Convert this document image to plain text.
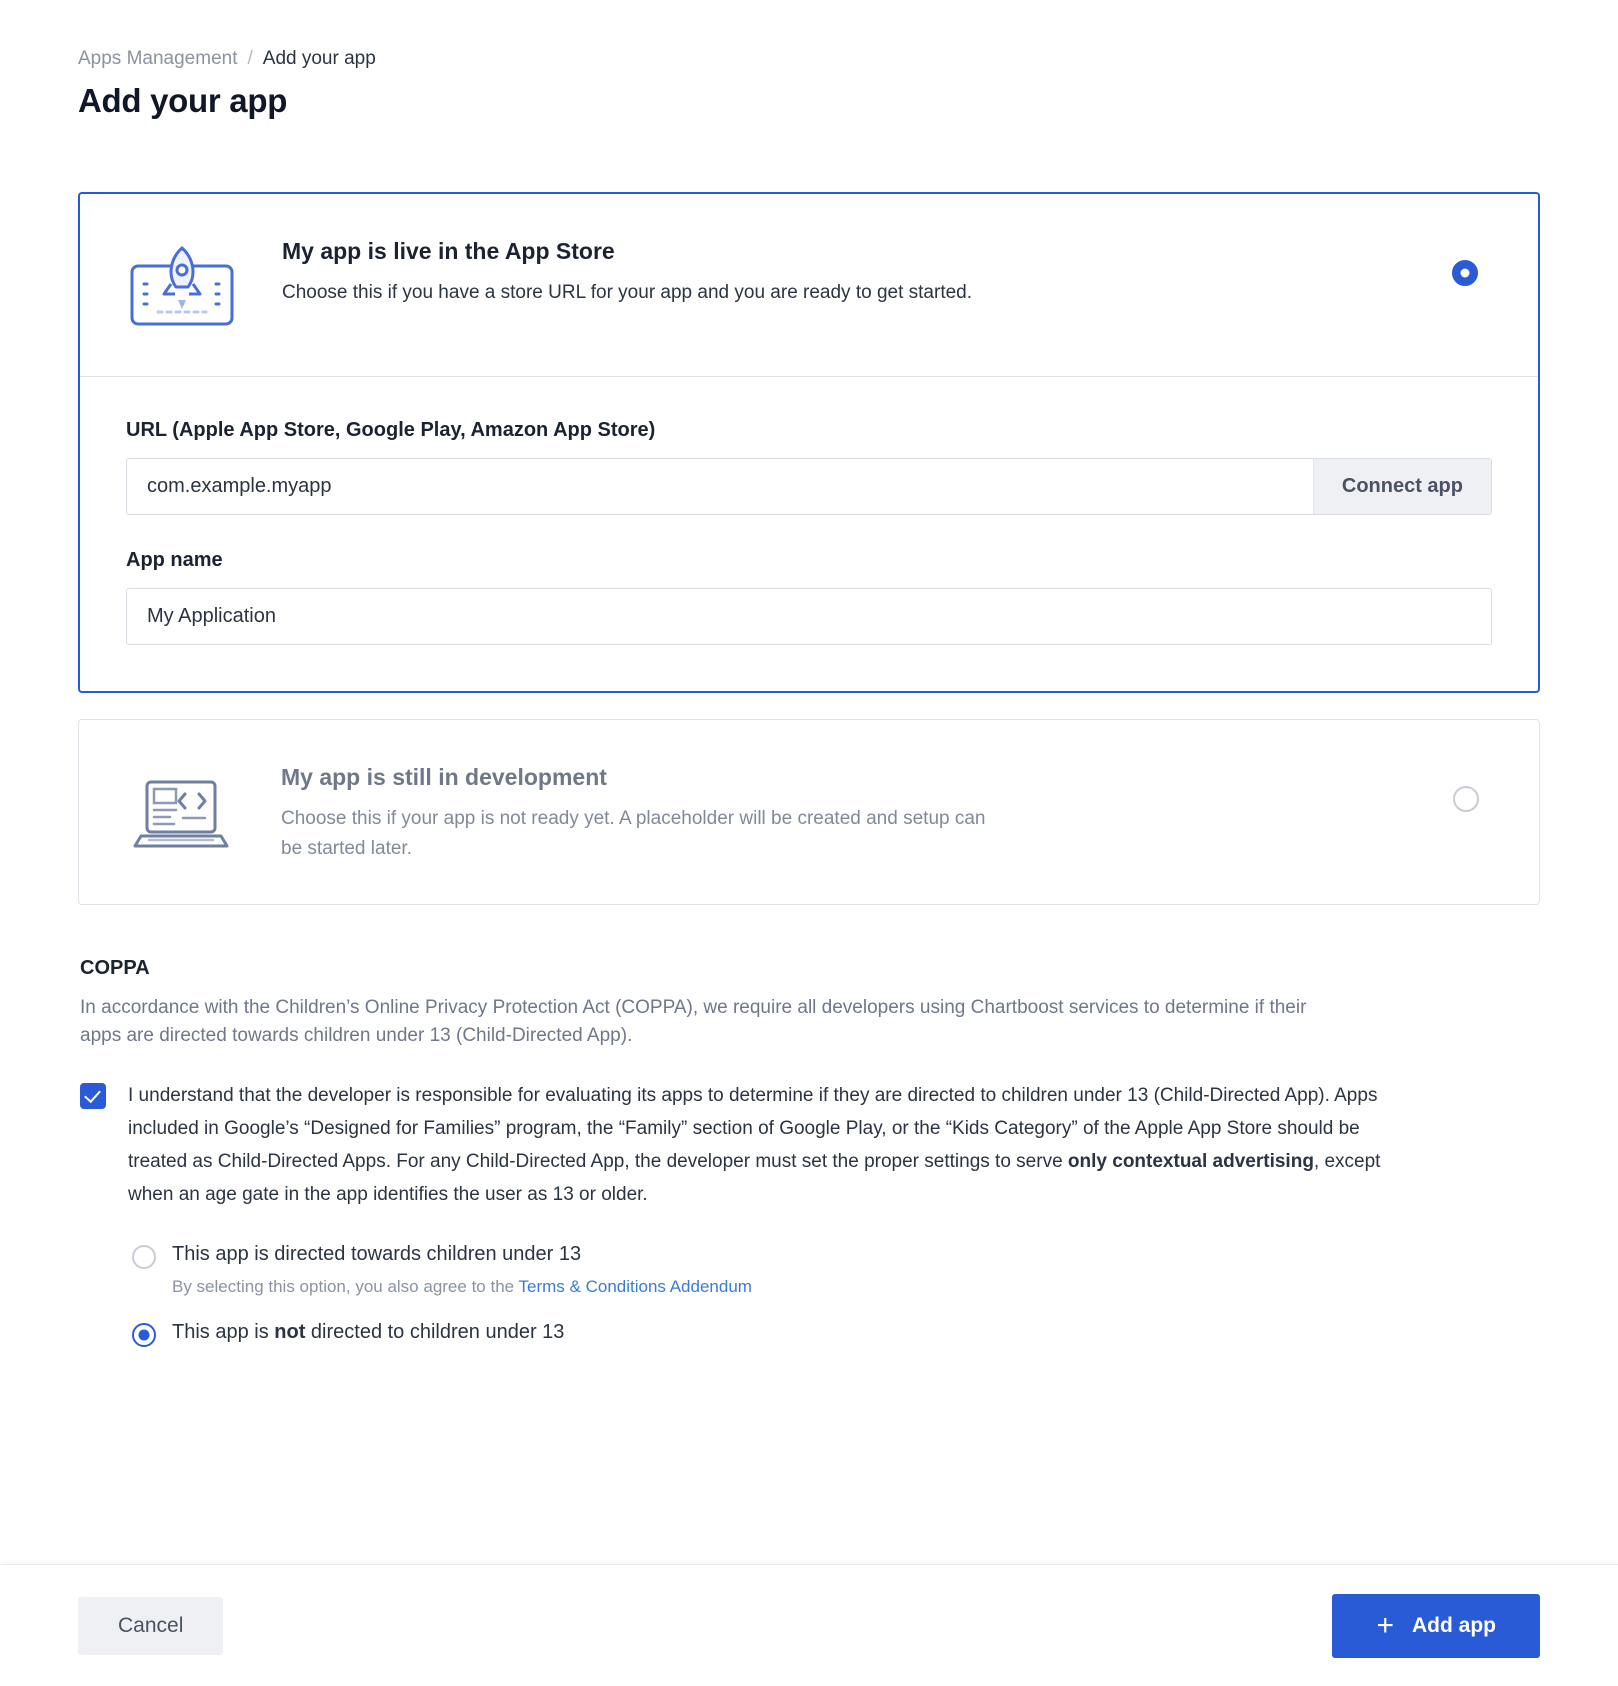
Apps Management / Add your app
Add your app
My app is live in the App Store
Choose this if you have a store URL for your app and you are ready to get started.
URL (Apple App Store, Google Play, Amazon App Store)
com.example.myapp
Connect app
App name
My Application
My app is still in development
Choose this if your app is not ready yet. A placeholder will be created and setup can be started later.
COPPA
In accordance with the Children’s Online Privacy Protection Act (COPPA), we require all developers using Chartboost services to determine if their apps are directed towards children under 13 (Child-Directed App).
I understand that the developer is responsible for evaluating its apps to determine if they are directed to children under 13 (Child-Directed App). Apps included in Google’s “Designed for Families” program, the “Family” section of Google Play, or the “Kids Category” of the Apple App Store should be treated as Child-Directed Apps. For any Child-Directed App, the developer must set the proper settings to serve only contextual advertising, except when an age gate in the app identifies the user as 13 or older.
This app is directed towards children under 13
By selecting this option, you also agree to the Terms & Conditions Addendum
This app is not directed to children under 13
Cancel	+ Add app
